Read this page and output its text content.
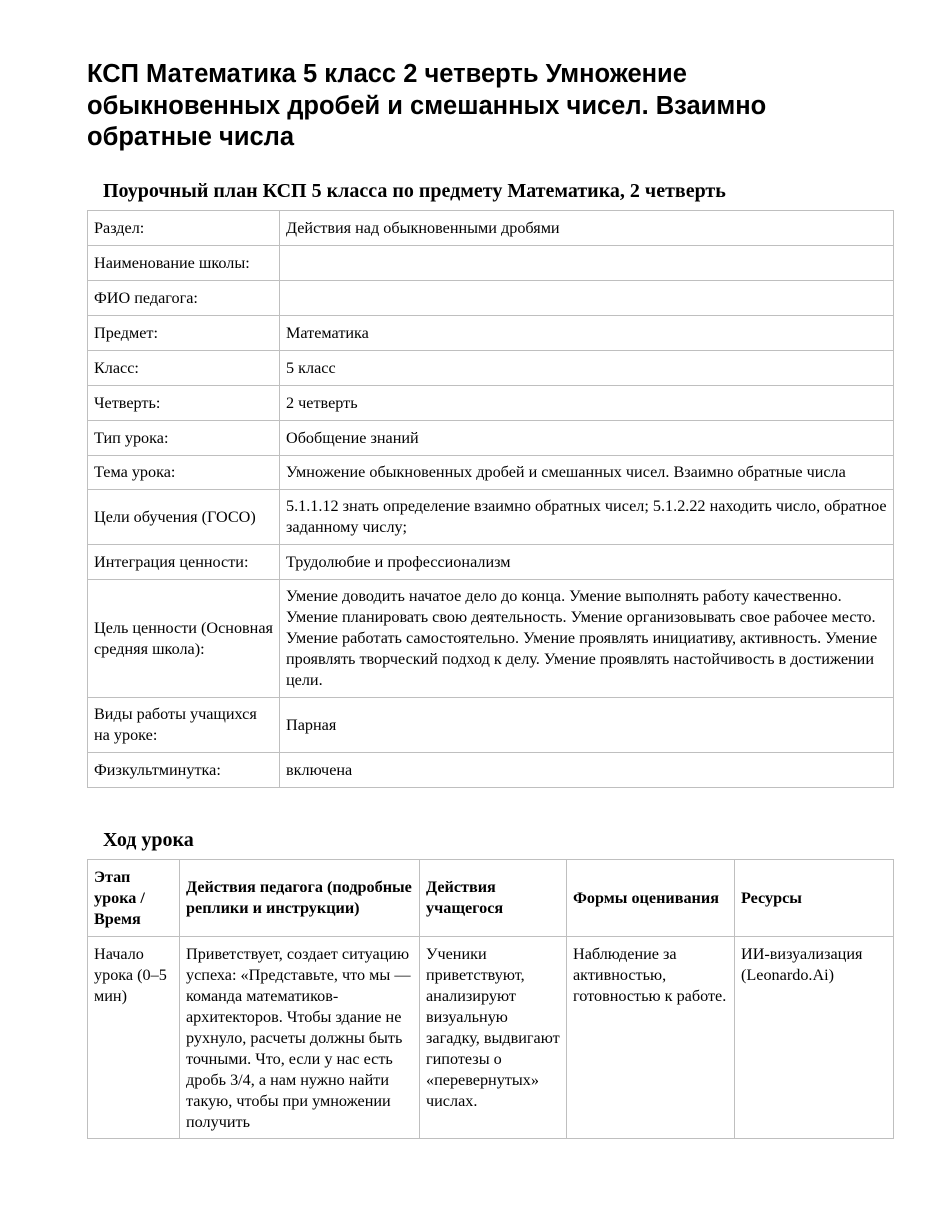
КСП Математика 5 класс 2 четверть Умножение обыкновенных дробей и смешанных чисел. Взаимно обратные числа

Поурочный план КСП 5 класса по предмету Математика, 2 четверть

Раздел:	Действия над обыкновенными дробями
Наименование школы:	
ФИО педагога:	
Предмет:	Математика
Класс:	5 класс
Четверть:	2 четверть
Тип урока:	Обобщение знаний
Тема урока:	Умножение обыкновенных дробей и смешанных чисел. Взаимно обратные числа
Цели обучения (ГОСО)	5.1.1.12 знать определение взаимно обратных чисел; 5.1.2.22 находить число, обратное заданному числу;
Интеграция ценности:	Трудолюбие и профессионализм
Цель ценности (Основная средняя школа):	Умение доводить начатое дело до конца. Умение выполнять работу качественно. Умение планировать свою деятельность. Умение организовывать свое рабочее место. Умение работать самостоятельно. Умение проявлять инициативу, активность. Умение проявлять творческий подход к делу. Умение проявлять настойчивость в достижении цели.
Виды работы учащихся на уроке:	Парная
Физкультминутка:	включена

Ход урока

Этап урока / Время	Действия педагога (подробные реплики и инструкции)	Действия учащегося	Формы оценивания	Ресурсы
Начало урока (0–5 мин)	Приветствует, создает ситуацию успеха: «Представьте, что мы — команда математиков-архитекторов. Чтобы здание не рухнуло, расчеты должны быть точными. Что, если у нас есть дробь 3/4, а нам нужно найти такую, чтобы при умножении получить	Ученики приветствуют, анализируют визуальную загадку, выдвигают гипотезы о «перевернутых» числах.	Наблюдение за активностью, готовностью к работе.	ИИ-визуализация (Leonardo.Ai)
